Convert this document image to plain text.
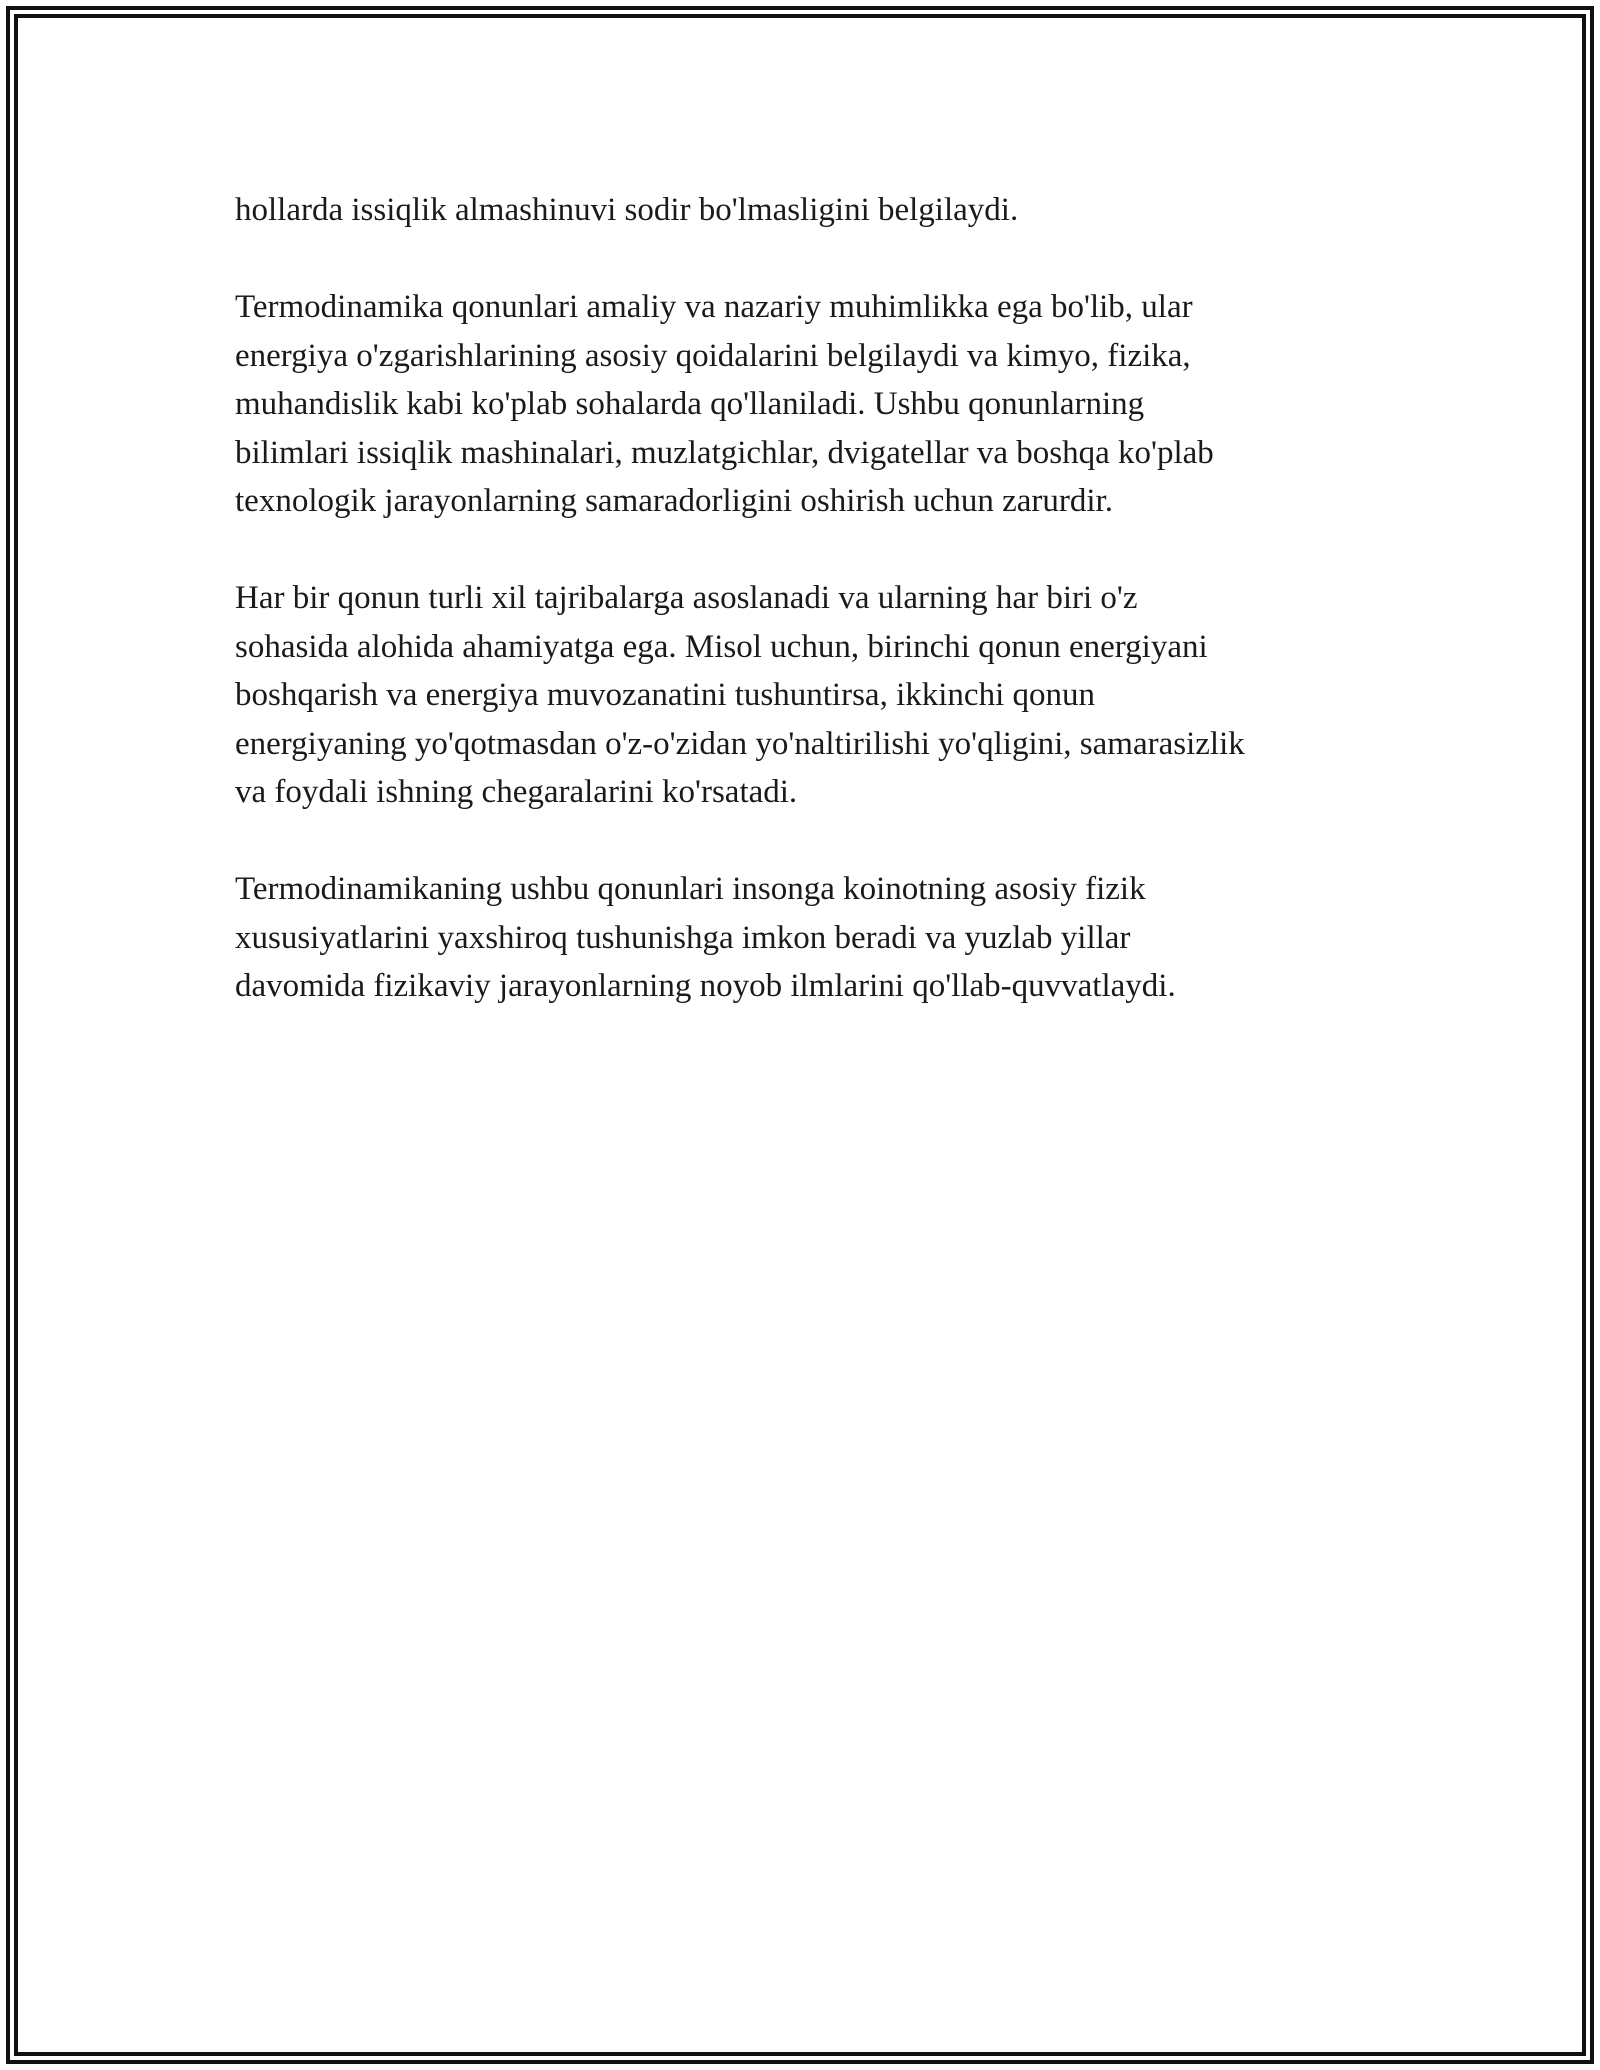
hollarda issiqlik almashinuvi sodir bo'lmasligini belgilaydi.

Termodinamika qonunlari amaliy va nazariy muhimlikka ega bo'lib, ular
energiya o'zgarishlarining asosiy qoidalarini belgilaydi va kimyo, fizika,
muhandislik kabi ko'plab sohalarda qo'llaniladi. Ushbu qonunlarning
bilimlari issiqlik mashinalari, muzlatgichlar, dvigatellar va boshqa ko'plab
texnologik jarayonlarning samaradorligini oshirish uchun zarurdir.

Har bir qonun turli xil tajribalarga asoslanadi va ularning har biri o'z
sohasida alohida ahamiyatga ega. Misol uchun, birinchi qonun energiyani
boshqarish va energiya muvozanatini tushuntirsa, ikkinchi qonun
energiyaning yo'qotmasdan o'z-o'zidan yo'naltirilishi yo'qligini, samarasizlik
va foydali ishning chegaralarini ko'rsatadi.

Termodinamikaning ushbu qonunlari insonga koinotning asosiy fizik
xususiyatlarini yaxshiroq tushunishga imkon beradi va yuzlab yillar
davomida fizikaviy jarayonlarning noyob ilmlarini qo'llab-quvvatlaydi.
